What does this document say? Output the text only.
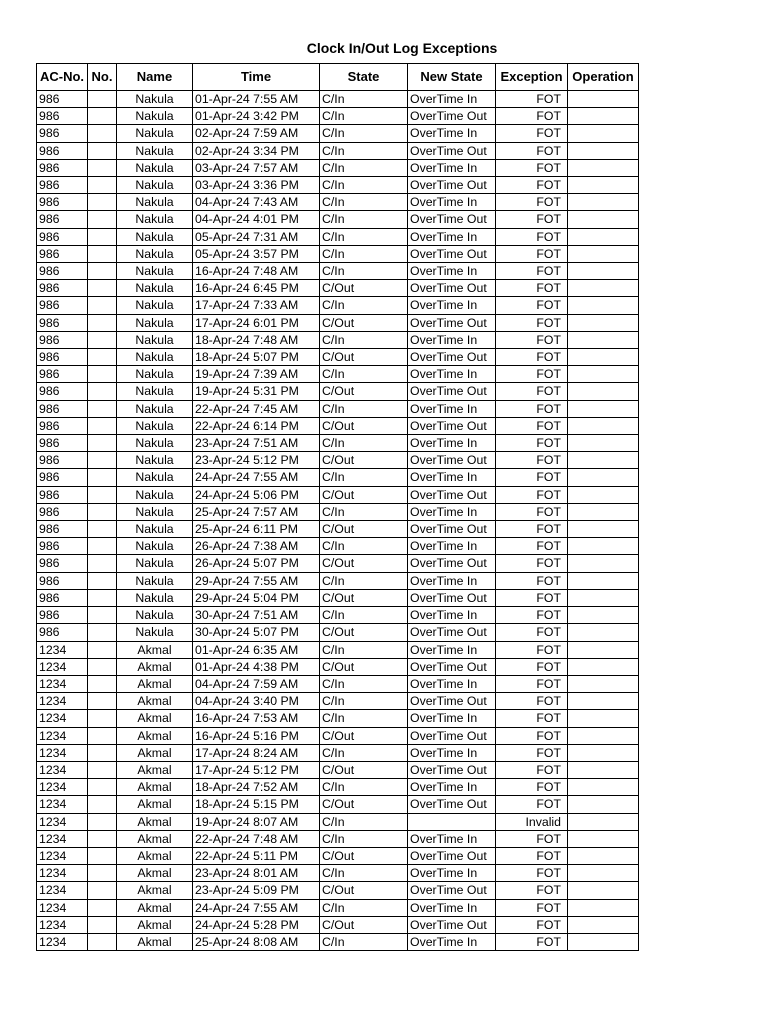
Clock In/Out Log Exceptions
AC-No.	No.	Name	Time	State	New State	Exception	Operation
986		Nakula	01-Apr-24 7:55 AM	C/In	OverTime In	FOT	
986		Nakula	01-Apr-24 3:42 PM	C/In	OverTime Out	FOT	
986		Nakula	02-Apr-24 7:59 AM	C/In	OverTime In	FOT	
986		Nakula	02-Apr-24 3:34 PM	C/In	OverTime Out	FOT	
986		Nakula	03-Apr-24 7:57 AM	C/In	OverTime In	FOT	
986		Nakula	03-Apr-24 3:36 PM	C/In	OverTime Out	FOT	
986		Nakula	04-Apr-24 7:43 AM	C/In	OverTime In	FOT	
986		Nakula	04-Apr-24 4:01 PM	C/In	OverTime Out	FOT	
986		Nakula	05-Apr-24 7:31 AM	C/In	OverTime In	FOT	
986		Nakula	05-Apr-24 3:57 PM	C/In	OverTime Out	FOT	
986		Nakula	16-Apr-24 7:48 AM	C/In	OverTime In	FOT	
986		Nakula	16-Apr-24 6:45 PM	C/Out	OverTime Out	FOT	
986		Nakula	17-Apr-24 7:33 AM	C/In	OverTime In	FOT	
986		Nakula	17-Apr-24 6:01 PM	C/Out	OverTime Out	FOT	
986		Nakula	18-Apr-24 7:48 AM	C/In	OverTime In	FOT	
986		Nakula	18-Apr-24 5:07 PM	C/Out	OverTime Out	FOT	
986		Nakula	19-Apr-24 7:39 AM	C/In	OverTime In	FOT	
986		Nakula	19-Apr-24 5:31 PM	C/Out	OverTime Out	FOT	
986		Nakula	22-Apr-24 7:45 AM	C/In	OverTime In	FOT	
986		Nakula	22-Apr-24 6:14 PM	C/Out	OverTime Out	FOT	
986		Nakula	23-Apr-24 7:51 AM	C/In	OverTime In	FOT	
986		Nakula	23-Apr-24 5:12 PM	C/Out	OverTime Out	FOT	
986		Nakula	24-Apr-24 7:55 AM	C/In	OverTime In	FOT	
986		Nakula	24-Apr-24 5:06 PM	C/Out	OverTime Out	FOT	
986		Nakula	25-Apr-24 7:57 AM	C/In	OverTime In	FOT	
986		Nakula	25-Apr-24 6:11 PM	C/Out	OverTime Out	FOT	
986		Nakula	26-Apr-24 7:38 AM	C/In	OverTime In	FOT	
986		Nakula	26-Apr-24 5:07 PM	C/Out	OverTime Out	FOT	
986		Nakula	29-Apr-24 7:55 AM	C/In	OverTime In	FOT	
986		Nakula	29-Apr-24 5:04 PM	C/Out	OverTime Out	FOT	
986		Nakula	30-Apr-24 7:51 AM	C/In	OverTime In	FOT	
986		Nakula	30-Apr-24 5:07 PM	C/Out	OverTime Out	FOT	
1234		Akmal	01-Apr-24 6:35 AM	C/In	OverTime In	FOT	
1234		Akmal	01-Apr-24 4:38 PM	C/Out	OverTime Out	FOT	
1234		Akmal	04-Apr-24 7:59 AM	C/In	OverTime In	FOT	
1234		Akmal	04-Apr-24 3:40 PM	C/In	OverTime Out	FOT	
1234		Akmal	16-Apr-24 7:53 AM	C/In	OverTime In	FOT	
1234		Akmal	16-Apr-24 5:16 PM	C/Out	OverTime Out	FOT	
1234		Akmal	17-Apr-24 8:24 AM	C/In	OverTime In	FOT	
1234		Akmal	17-Apr-24 5:12 PM	C/Out	OverTime Out	FOT	
1234		Akmal	18-Apr-24 7:52 AM	C/In	OverTime In	FOT	
1234		Akmal	18-Apr-24 5:15 PM	C/Out	OverTime Out	FOT	
1234		Akmal	19-Apr-24 8:07 AM	C/In		Invalid	
1234		Akmal	22-Apr-24 7:48 AM	C/In	OverTime In	FOT	
1234		Akmal	22-Apr-24 5:11 PM	C/Out	OverTime Out	FOT	
1234		Akmal	23-Apr-24 8:01 AM	C/In	OverTime In	FOT	
1234		Akmal	23-Apr-24 5:09 PM	C/Out	OverTime Out	FOT	
1234		Akmal	24-Apr-24 7:55 AM	C/In	OverTime In	FOT	
1234		Akmal	24-Apr-24 5:28 PM	C/Out	OverTime Out	FOT	
1234		Akmal	25-Apr-24 8:08 AM	C/In	OverTime In	FOT	
